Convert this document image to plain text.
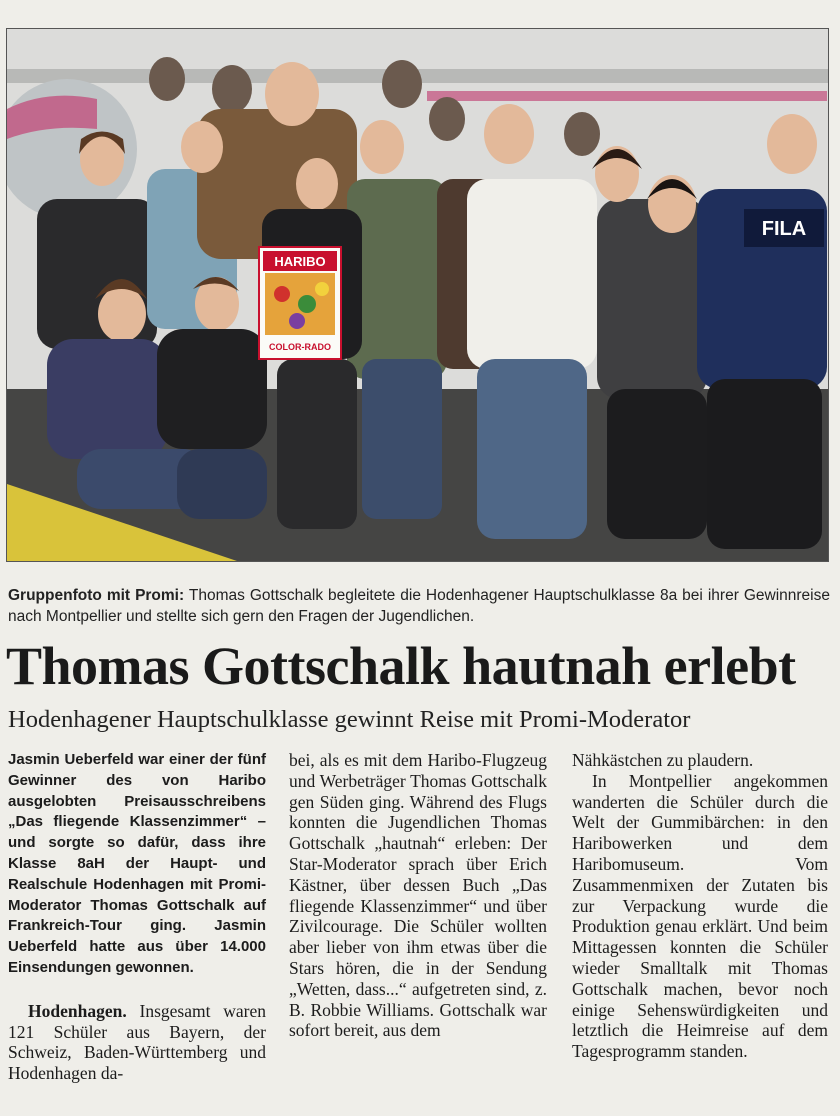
HARIBO
COLOR-RADO
FILA
Gruppenfoto mit Promi: Thomas Gottschalk begleitete die Hodenhagener Hauptschulklasse 8a bei ihrer Gewinnreise nach Montpellier und stellte sich gern den Fragen der Jugendlichen.
Thomas Gottschalk hautnah erlebt
Hodenhagener Hauptschulklasse gewinnt Reise mit Promi-Moderator
Jasmin Ueberfeld war einer der fünf Gewinner des von Haribo ausgelobten Preisausschreibens „Das fliegende Klassenzimmer“ – und sorgte so dafür, dass ihre Klasse 8aH der Haupt- und Realschule Hodenhagen mit Promi-Moderator Thomas Gottschalk auf Frankreich-Tour ging. Jasmin Ueberfeld hatte aus über 14.000 Einsendungen gewonnen.
Hodenhagen. Insgesamt waren 121 Schüler aus Bayern, der Schweiz, Baden-Württemberg und Hodenhagen da-
bei, als es mit dem Haribo-Flugzeug und Werbeträger Thomas Gottschalk gen Süden ging. Während des Flugs konnten die Jugendlichen Thomas Gottschalk „hautnah“ erleben: Der Star-Moderator sprach über Erich Kästner, über dessen Buch „Das fliegende Klassenzimmer“ und über Zivilcourage. Die Schüler wollten aber lieber von ihm etwas über die Stars hören, die in der Sendung „Wetten, dass...“ aufgetreten sind, z. B. Robbie Williams. Gottschalk war sofort bereit, aus dem
Nähkästchen zu plaudern.
In Montpellier angekommen wanderten die Schüler durch die Welt der Gummibärchen: in den Haribowerken und dem Haribomuseum. Vom Zusammenmixen der Zutaten bis zur Verpackung wurde die Produktion genau erklärt. Und beim Mittagessen konnten die Schüler wieder Smalltalk mit Thomas Gottschalk machen, bevor noch einige Sehenswürdigkeiten und letztlich die Heimreise auf dem Tagesprogramm standen.
